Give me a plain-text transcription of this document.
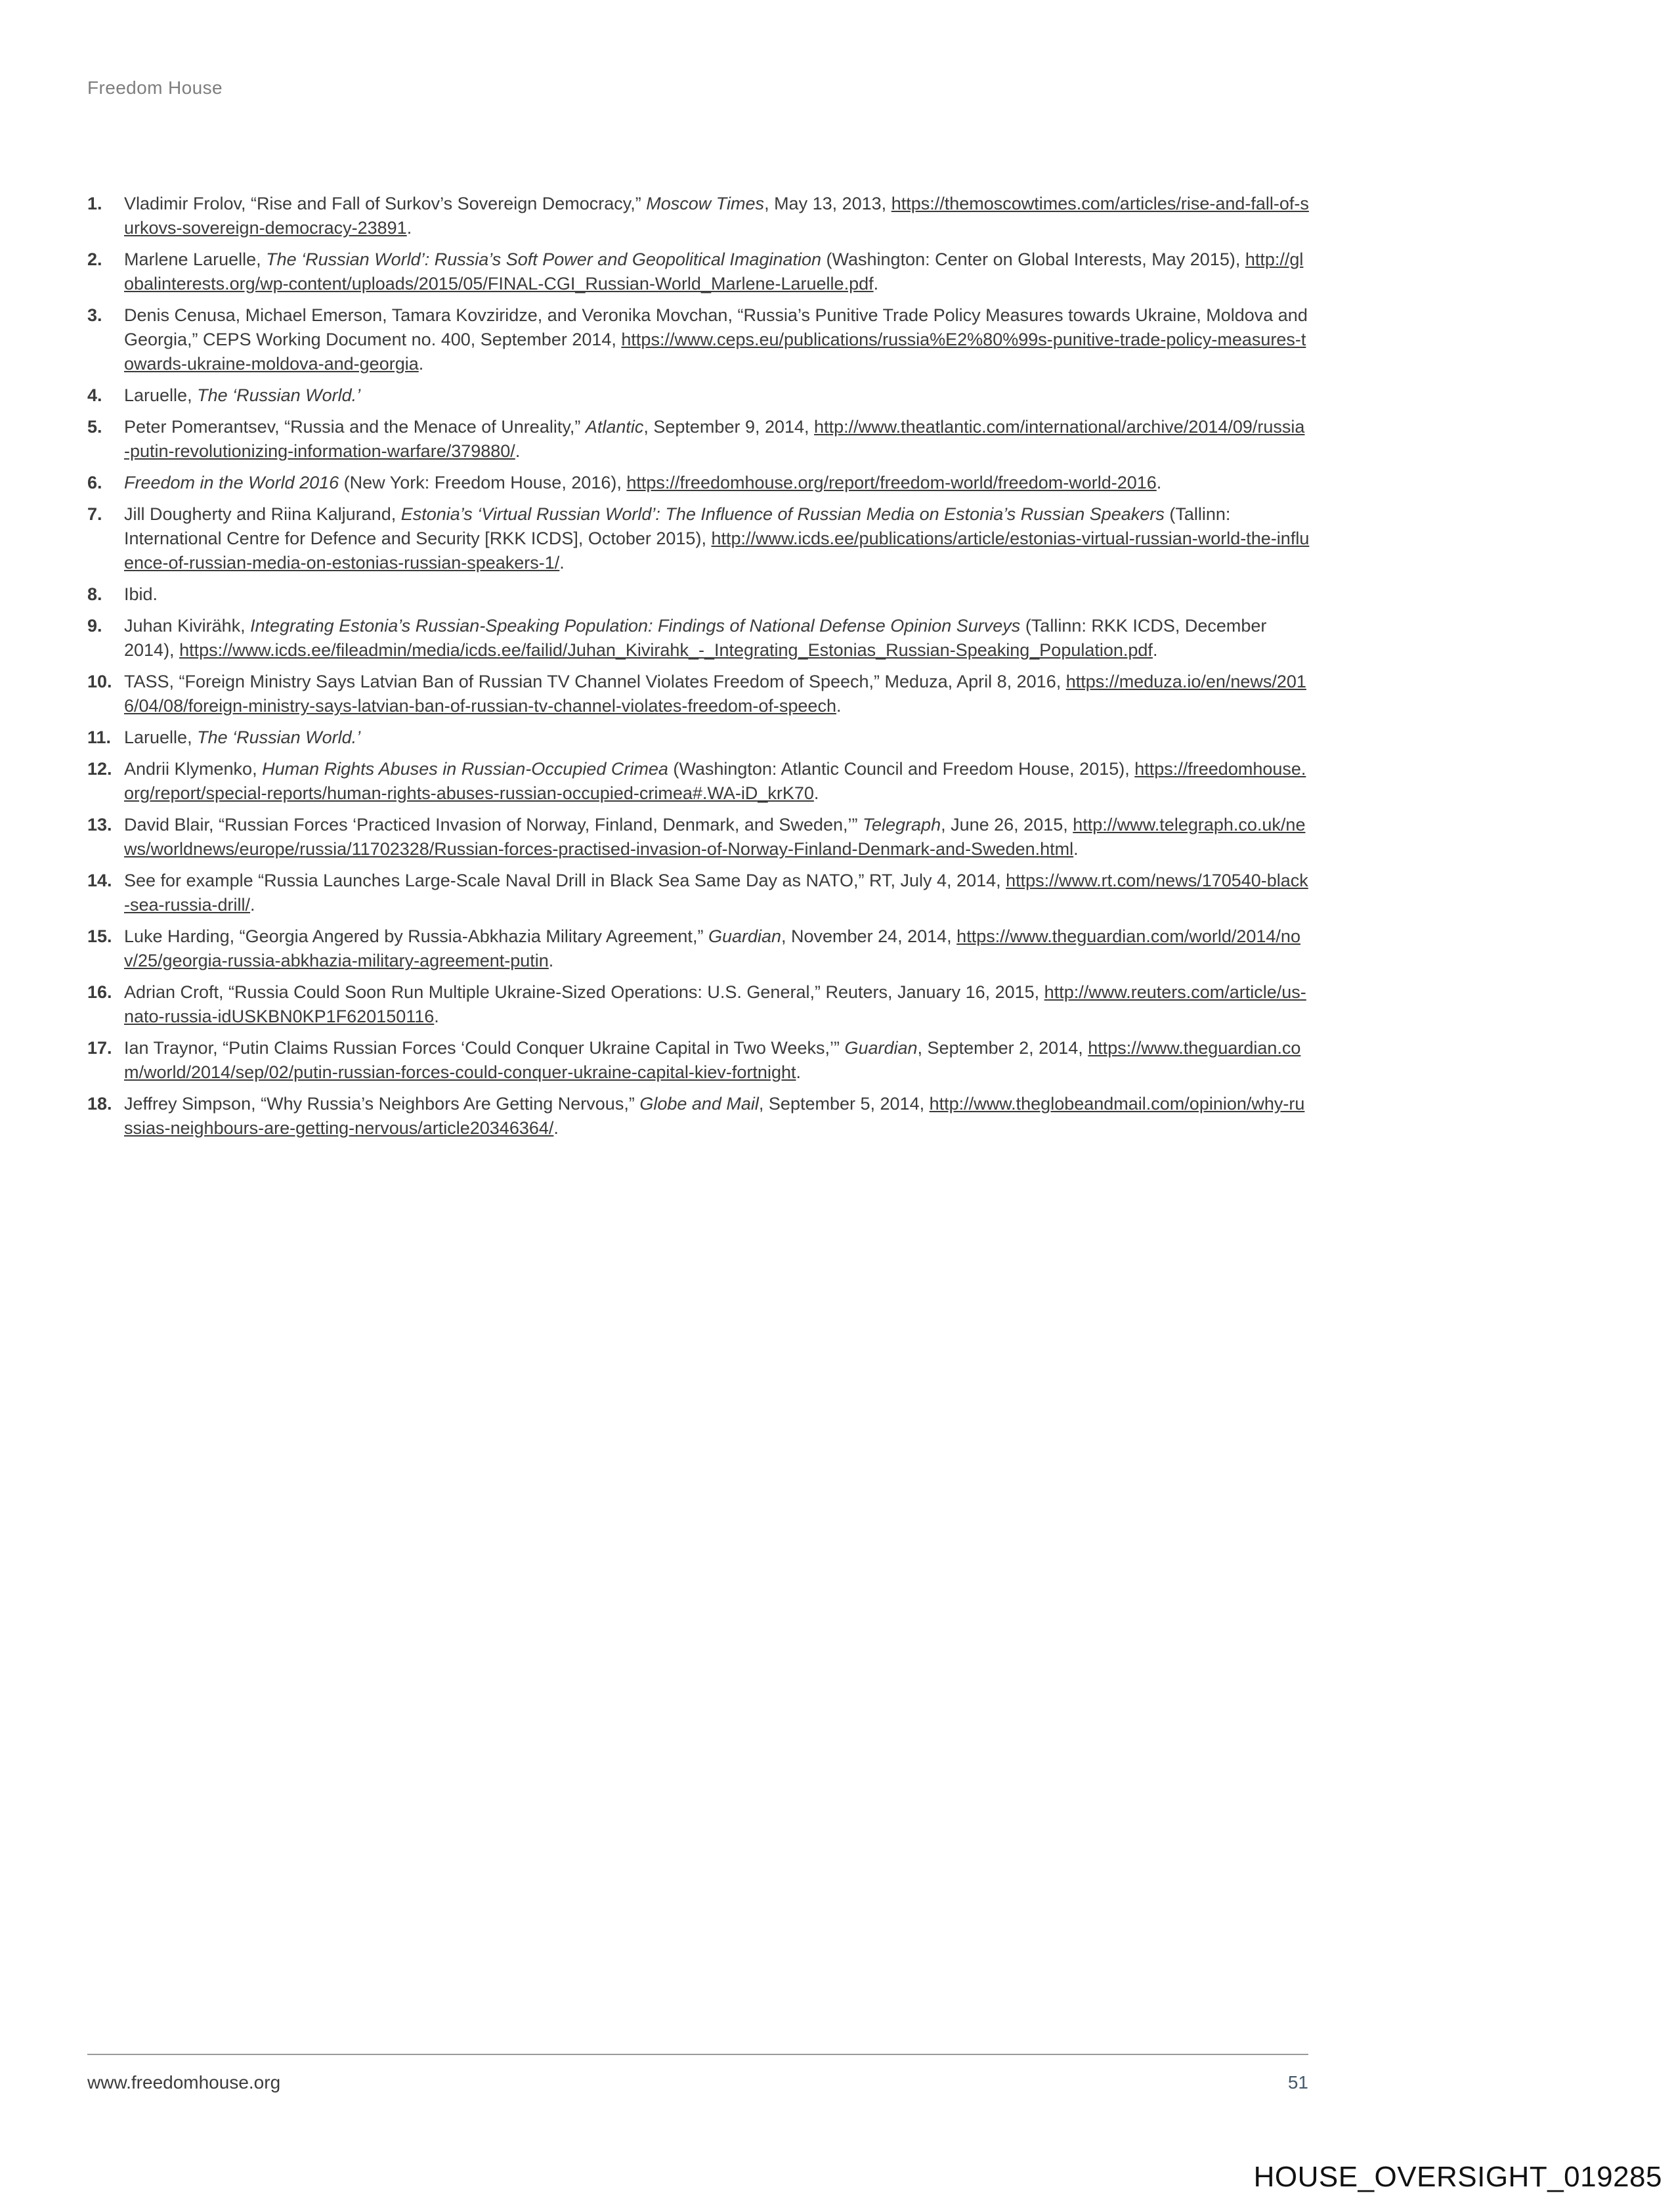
Freedom House
1.	Vladimir Frolov, “Rise and Fall of Surkov’s Sovereign Democracy,” Moscow Times, May 13, 2013, https://themoscowtimes.com/articles/rise-and-fall-of-surkovs-sovereign-democracy-23891.
2.	Marlene Laruelle, The ‘Russian World’: Russia’s Soft Power and Geopolitical Imagination (Washington: Center on Global Interests, May 2015), http://globalinterests.org/wp-content/uploads/2015/05/FINAL-CGI_Russian-World_Marlene-Laruelle.pdf.
3.	Denis Cenusa, Michael Emerson, Tamara Kovziridze, and Veronika Movchan, “Russia’s Punitive Trade Policy Measures towards Ukraine, Moldova and Georgia,” CEPS Working Document no. 400, September 2014, https://www.ceps.eu/publications/russia%E2%80%99s-punitive-trade-policy-measures-towards-ukraine-moldova-and-georgia.
4.	Laruelle, The ‘Russian World.’
5.	Peter Pomerantsev, “Russia and the Menace of Unreality,” Atlantic, September 9, 2014, http://www.theatlantic.com/international/archive/2014/09/russia-putin-revolutionizing-information-warfare/379880/.
6.	Freedom in the World 2016 (New York: Freedom House, 2016), https://freedomhouse.org/report/freedom-world/freedom-world-2016.
7.	Jill Dougherty and Riina Kaljurand, Estonia’s ‘Virtual Russian World’: The Influence of Russian Media on Estonia’s Russian Speakers (Tallinn: International Centre for Defence and Security [RKK ICDS], October 2015), http://www.icds.ee/publications/article/estonias-virtual-russian-world-the-influence-of-russian-media-on-estonias-russian-speakers-1/.
8.	Ibid.
9.	Juhan Kivirähk, Integrating Estonia’s Russian-Speaking Population: Findings of National Defense Opinion Surveys (Tallinn: RKK ICDS, December 2014), https://www.icds.ee/fileadmin/media/icds.ee/failid/Juhan_Kivirahk_-_Integrating_Estonias_Russian-Speaking_Population.pdf.
10. TASS, “Foreign Ministry Says Latvian Ban of Russian TV Channel Violates Freedom of Speech,” Meduza, April 8, 2016, https://meduza.io/en/news/2016/04/08/foreign-ministry-says-latvian-ban-of-russian-tv-channel-violates-freedom-of-speech.
11. Laruelle, The ‘Russian World.’
12. Andrii Klymenko, Human Rights Abuses in Russian-Occupied Crimea (Washington: Atlantic Council and Freedom House, 2015), https://freedomhouse.org/report/special-reports/human-rights-abuses-russian-occupied-crimea#.WA-iD_krK70.
13. David Blair, “Russian Forces ‘Practiced Invasion of Norway, Finland, Denmark, and Sweden,’” Telegraph, June 26, 2015, http://www.telegraph.co.uk/news/worldnews/europe/russia/11702328/Russian-forces-practised-invasion-of-Norway-Finland-Denmark-and-Sweden.html.
14. See for example “Russia Launches Large-Scale Naval Drill in Black Sea Same Day as NATO,” RT, July 4, 2014, https://www.rt.com/news/170540-black-sea-russia-drill/.
15. Luke Harding, “Georgia Angered by Russia-Abkhazia Military Agreement,” Guardian, November 24, 2014, https://www.theguardian.com/world/2014/nov/25/georgia-russia-abkhazia-military-agreement-putin.
16. Adrian Croft, “Russia Could Soon Run Multiple Ukraine-Sized Operations: U.S. General,” Reuters, January 16, 2015, http://www.reuters.com/article/us-nato-russia-idUSKBN0KP1F620150116.
17. Ian Traynor, “Putin Claims Russian Forces ‘Could Conquer Ukraine Capital in Two Weeks,’” Guardian, September 2, 2014, https://www.theguardian.com/world/2014/sep/02/putin-russian-forces-could-conquer-ukraine-capital-kiev-fortnight.
18. Jeffrey Simpson, “Why Russia’s Neighbors Are Getting Nervous,” Globe and Mail, September 5, 2014, http://www.theglobeandmail.com/opinion/why-russias-neighbours-are-getting-nervous/article20346364/.
www.freedomhouse.org	51
HOUSE_OVERSIGHT_019285
